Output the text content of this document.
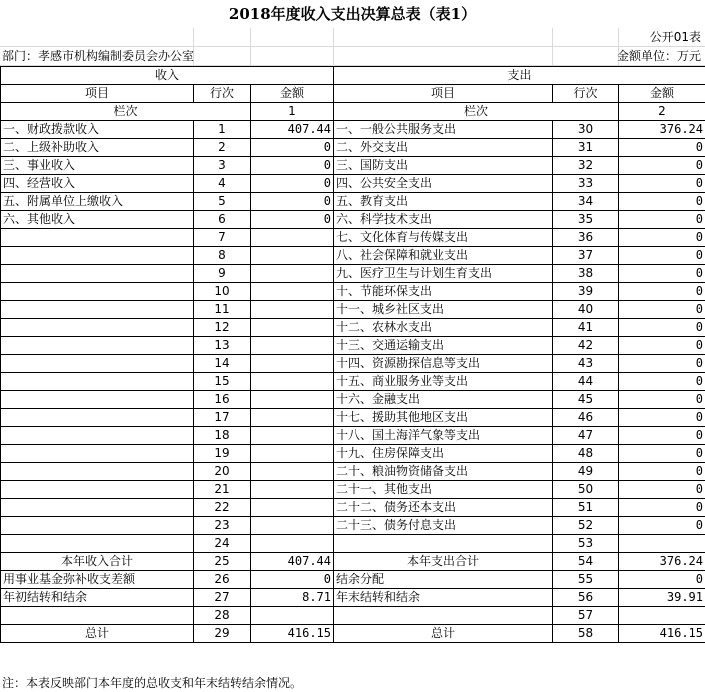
2018年度收入支出决算总表（表1）
公开01表
部门：孝感市机构编制委员会办公室	金额单位：万元
收入			支出		
项目	行次	金额	项目	行次	金额
栏次		1	栏次		2
一、财政拨款收入	1	407.44	一、一般公共服务支出	30	376.24
二、上级补助收入	2	0	二、外交支出	31	0
三、事业收入	3	0	三、国防支出	32	0
四、经营收入	4	0	四、公共安全支出	33	0
五、附属单位上缴收入	5	0	五、教育支出	34	0
六、其他收入	6	0	六、科学技术支出	35	0
	7		七、文化体育与传媒支出	36	0
	8		八、社会保障和就业支出	37	0
	9		九、医疗卫生与计划生育支出	38	0
	10		十、节能环保支出	39	0
	11		十一、城乡社区支出	40	0
	12		十二、农林水支出	41	0
	13		十三、交通运输支出	42	0
	14		十四、资源勘探信息等支出	43	0
	15		十五、商业服务业等支出	44	0
	16		十六、金融支出	45	0
	17		十七、援助其他地区支出	46	0
	18		十八、国土海洋气象等支出	47	0
	19		十九、住房保障支出	48	0
	20		二十、粮油物资储备支出	49	0
	21		二十一、其他支出	50	0
	22		二十二、债务还本支出	51	0
	23		二十三、债务付息支出	52	0
	24			53	
本年收入合计	25	407.44	本年支出合计	54	376.24
用事业基金弥补收支差额	26	0	结余分配	55	0
年初结转和结余	27	8.71	年末结转和结余	56	39.91
	28			57	
总计	29	416.15	总计	58	416.15
注：本表反映部门本年度的总收支和年末结转结余情况。
